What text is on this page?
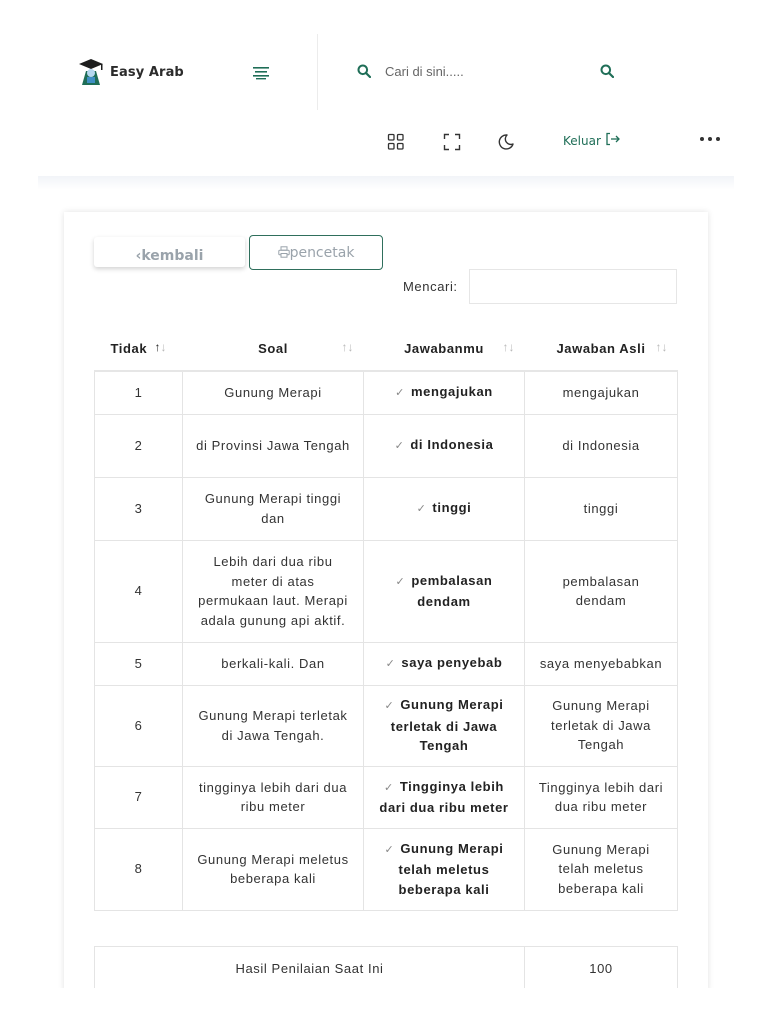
Easy Arab
Cari di sini.....
Keluar
‹kembali	pencetak
Mencari:
Tidak ↑↓	Soal ↑↓	Jawabanmu ↑↓	Jawaban Asli ↑↓

1	Gunung Merapi	✓ mengajukan	mengajukan
2	di Provinsi Jawa Tengah	✓ di Indonesia	di Indonesia
3	Gunung Merapi tinggi dan	✓ tinggi	tinggi
4	Lebih dari dua ribu meter di atas permukaan laut. Merapi adala gunung api aktif.	✓ pembalasan dendam	pembalasan dendam
5	berkali-kali. Dan	✓ saya penyebab	saya menyebabkan
6	Gunung Merapi terletak di Jawa Tengah.	✓ Gunung Merapi terletak di Jawa Tengah	Gunung Merapi terletak di Jawa Tengah
7	tingginya lebih dari dua ribu meter	✓ Tingginya lebih dari dua ribu meter	Tingginya lebih dari dua ribu meter
8	Gunung Merapi meletus beberapa kali	✓ Gunung Merapi telah meletus beberapa kali	Gunung Merapi telah meletus beberapa kali
Hasil Penilaian Saat Ini	100
